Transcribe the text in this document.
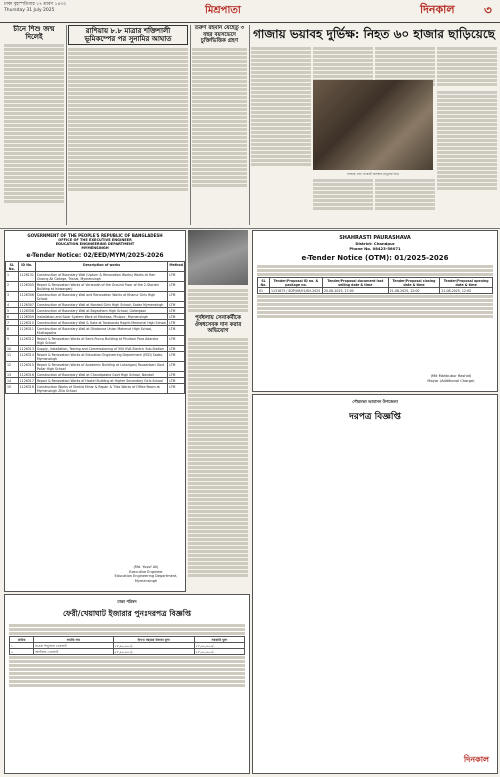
ঢাকা বৃহস্পতিবার ১৭ শ্রাবণ ১৪৩২
Thursday 31 July 2025	মিশ্রপাতা	দিনকাল ৩
চীনে শিশু জন্ম দিলেই
রাশিয়ায় ৮.৮ মাত্রার শক্তিশালী ভূমিকম্পের পর সুনামির আঘাত
তরুণ রহমান যেহেতু ৩ বছর বয়সভেদে চুক্তিভিত্তিক গ্রহণ	গাজায় ভয়াবহ দুর্ভিক্ষ: নিহত ৬০ হাজার ছাড়িয়েছে
গাজায় খাদ্য সংকটে অসহায় মানুষের ভিড়
GOVERNMENT OF THE PEOPLE'S REPUBLIC OF BANGLADESH
OFFICE OF THE EXECUTIVE ENGINEER
EDUCATION ENGINEERING DEPARTMENT
MYMENSINGH
e-Tender Notice: 02/EED/MYM/2025-2026
SL No.	ID No.	Description of works	Method
1	1126131	Construction of Boundary Wall (Upturn & Renovation Works) Works at Hari Charng Ali College, Trishal, Mymensingh	LTM
2	1126305	Repair & Renovation Works of Verandah of the Ground Floor of the 2-Storied Building at Ishwarganj	LTM
3	1126306	Construction of Boundary Wall and Renovation Works at Khanur Girls High School	LTM
4	1126307	Construction of Boundary Wall at Nandail Girls High School, Sadar Mymensingh	LTM
5	1126308	Construction of Boundary Wall at Bayadham High School, Gafargaon	LTM
6	1126309	Installation and Solar System Work at Madrasa, Phulpur, Mymensingh	LTM
7	1126310	Construction of Boundary Wall & Gate at Tarakanda Ragirb Memorial High School	LTM
8	1126311	Construction of Boundary Wall at Dhobaura Union Mahmud High School, Muktagacha	LTM
9	1126312	Repair & Renovation Works of Semi-Pucca Building at Phulbari Para Adarsha High School	LTM
10	1126313	Supply, Installation, Testing and Commissioning of 500 KVA Electric Sub-Station	LTM
11	1126314	Repair & Renovation Works at Education Engineering Department (EED) Sadar, Mymensingh	LTM
12	1126315	Repair & Renovation Works of Academic Building at Lohariganj Rousenbari Govt Poliar High School	LTM
13	1126316	Construction of Boundary Wall at Chandipasha Govt High School, Nandail	LTM
14	1126317	Repair & Renovation Works of Hostel Building at Higher Secondary Girls School	LTM
15	1126318	Construction Works of Shahid Minar & Repair & Tiles Works of Office Room at Mymensingh Zilla School	LTM
(Md. Yusuf Ali)
Executive Engineer
Education Engineering Department, Mymensingh
পূর্বধলায় সেনাকর্মীকে ঔষধসেবক দান করার অভিযোগ
SHAHRASTI PAURASHAVA
District: Chandpur
Phone No. 08423-56071
e-Tender Notice (OTM): 01/2025-2026
SL No.	Tender/Proposal ID no. & package no.	Tender/Proposal document last selling date & time	Tender/Proposal closing date & time	Tender/Proposal opening date & time
01	1131673 / SDP/UR/01/SH-2025	20-08-2025, 17:00	21-08-2025, 12:00	21-08-2025, 12:00
(Md Mahbubur Rashid)
Mayor (Additional Charge)
পৌরসভা আবাসন উপজেলা
দরপত্র বিজ্ঞপ্তি
দিনকাল
ঢাকা পরিষদ
ফেরী/খেয়াঘাট ইজারার পুনঃদরপত্র বিজ্ঞপ্তি
ক্রমিক	ঘাটের নাম	বিগত বছরের ইজারা মূল্য	সরকারি মূল্য
১	মাওয়া শিমুলিয়া খেয়াঘাট	৫৮,৯০,৯০৫/-	৫৮,৯০,৯০৫/-
২	আটিয়ান খেয়াঘাট	৫৮,৯০,৯০৫/-	৫৮,৯০,৯০৫/-
